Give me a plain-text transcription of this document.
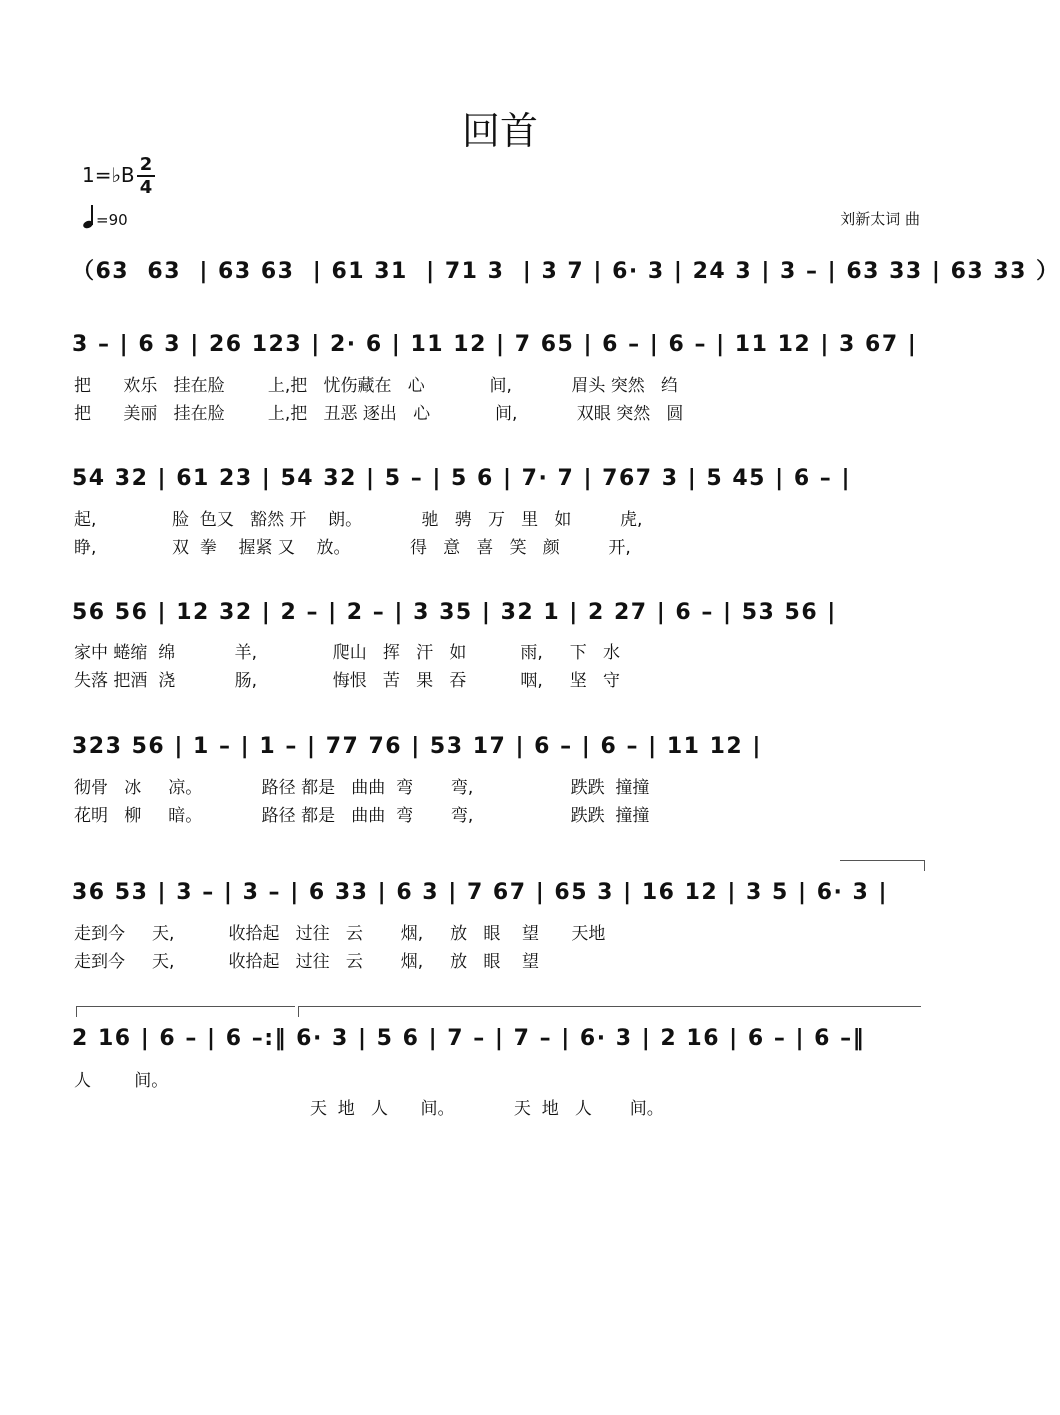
回首
1=♭B 2
4
=90	刘新太词 曲
（63  63  | 63 63  | 61 31  | 71 3  | 3 7 | 6· 3 | 24 3 | 3 – | 63 33 | 63 33 ）
3 – | 6 3 | 26 123 | 2· 6 | 11 12 | 7 65 | 6 – | 6 – | 11 12 | 3 67 |
把      欢乐   挂在脸        上,把   忧伤藏在   心            间,           眉头 突然   绉
把      美丽   挂在脸        上,把   丑恶 逐出   心            间,           双眼 突然   圆
54 32 | 61 23 | 54 32 | 5 – | 5 6 | 7· 7 | 767 3 | 5 45 | 6 – |
起,              脸  色又   豁然 开    朗。           驰   骋   万   里   如         虎,
睁,              双  拳    握紧 又    放。           得   意   喜   笑   颜         开,
56 56 | 12 32 | 2 – | 2 – | 3 35 | 32 1 | 2 27 | 6 – | 53 56 |
家中 蜷缩  绵           羊,              爬山   挥   汗   如          雨,     下   水
失落 把酒  浇           肠,              悔恨   苦   果   吞          咽,     坚   守
323 56 | 1 – | 1 – | 77 76 | 53 17 | 6 – | 6 – | 11 12 |
彻骨   冰     凉。           路径 都是   曲曲  弯       弯,                  跌跌  撞撞
花明   柳     暗。           路径 都是   曲曲  弯       弯,                  跌跌  撞撞
36 53 | 3 – | 3 – | 6 33 | 6 3 | 7 67 | 65 3 | 16 12 | 3 5 | 6· 3 |
走到今     天,          收拾起   过往   云       烟,     放   眼    望      天地
走到今     天,          收拾起   过往   云       烟,     放   眼    望
2 16 | 6 – | 6 –:‖ 6· 3 | 5 6 | 7 – | 7 – | 6· 3 | 2 16 | 6 – | 6 –‖
人        间。
天  地   人      间。           天  地   人       间。
